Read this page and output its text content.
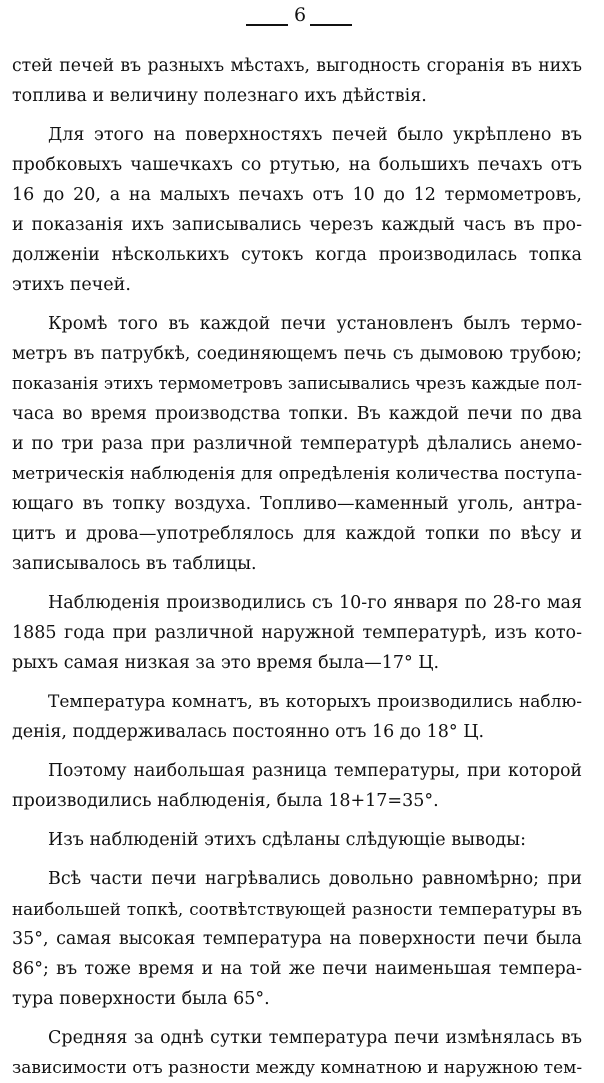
6
стей печей въ разныхъ мѣстахъ, выгодность сгоранія въ нихъ
топлива и величину полезнаго ихъ дѣйствія.
Для этого на поверхностяхъ печей было укрѣплено въ
пробковыхъ чашечкахъ со ртутью, на большихъ печахъ отъ
16 до 20, а на малыхъ печахъ отъ 10 до 12 термометровъ,
и показанія ихъ записывались черезъ каждый часъ въ про-
долженіи нѣсколькихъ сутокъ когда производилась топка
этихъ печей.
Кромѣ того въ каждой печи установленъ былъ термо-
метръ въ патрубкѣ, соединяющемъ печь съ дымовою трубою;
показанія этихъ термометровъ записывались чрезъ каждые пол-
часа во время производства топки. Въ каждой печи по два
и по три раза при различной температурѣ дѣлались анемо-
метрическія наблюденія для опредѣленія количества поступа-
ющаго въ топку воздуха. Топливо—каменный уголь, антра-
цитъ и дрова—употреблялось для каждой топки по вѣсу и
записывалось въ таблицы.
Наблюденія производились съ 10-го января по 28-го мая
1885 года при различной наружной температурѣ, изъ кото-
рыхъ самая низкая за это время была—17° Ц.
Температура комнатъ, въ которыхъ производились наблю-
денія, поддерживалась постоянно отъ 16 до 18° Ц.
Поэтому наибольшая разница температуры, при которой
производились наблюденія, была 18+17=35°.
Изъ наблюденій этихъ сдѣланы слѣдующіе выводы:
Всѣ части печи нагрѣвались довольно равномѣрно; при
наибольшей топкѣ, соотвѣтствующей разности температуры въ
35°, самая высокая температура на поверхности печи была
86°; въ тоже время и на той же печи наименьшая темпера-
тура поверхности была 65°.
Средняя за однѣ сутки температура печи измѣнялась въ
зависимости отъ разности между комнатною и наружною тем-
